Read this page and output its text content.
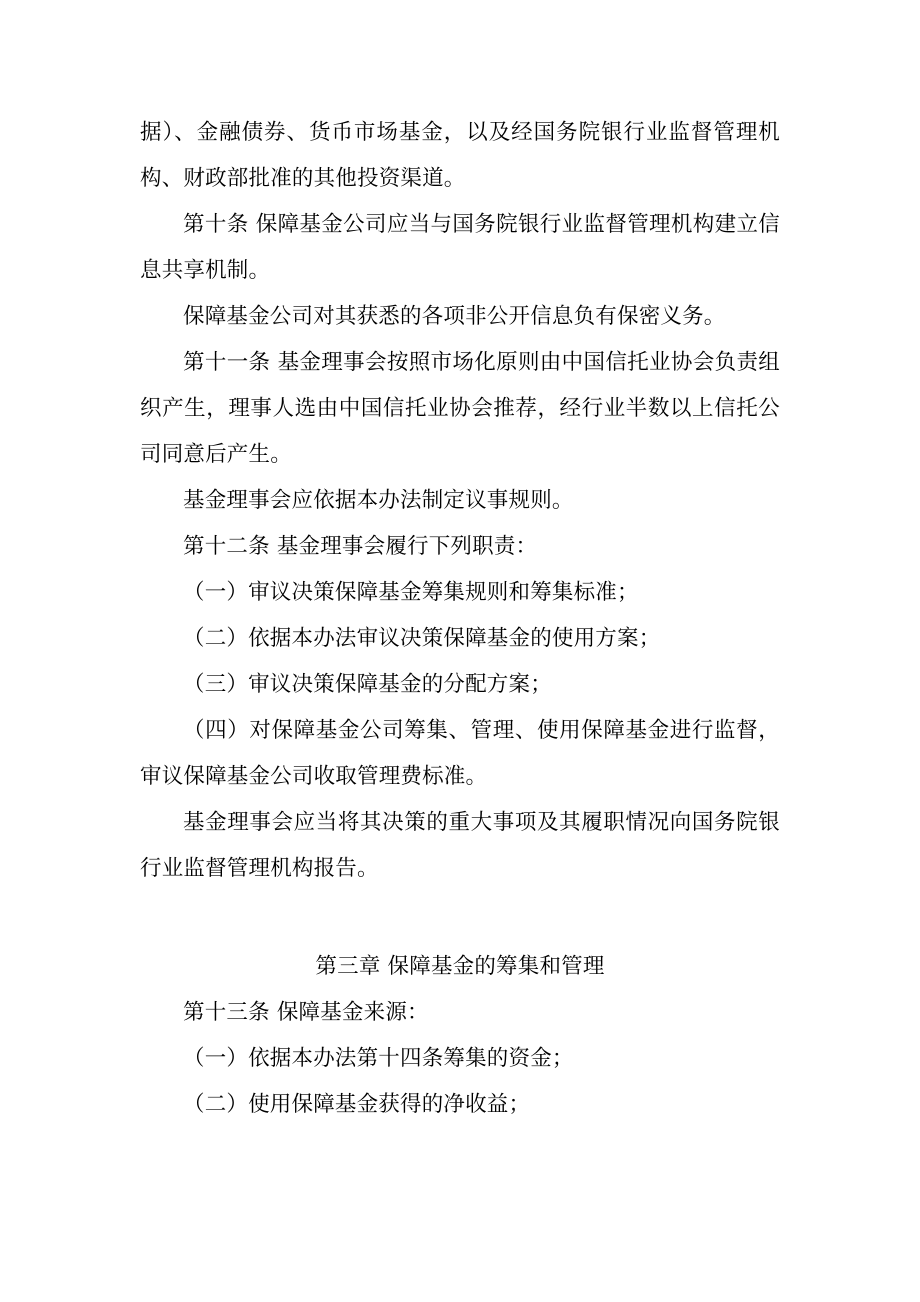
据）、金融债券、货币市场基金，以及经国务院银行业监督管理机构、财政部批准的其他投资渠道。

第十条 保障基金公司应当与国务院银行业监督管理机构建立信息共享机制。

保障基金公司对其获悉的各项非公开信息负有保密义务。

第十一条 基金理事会按照市场化原则由中国信托业协会负责组织产生，理事人选由中国信托业协会推荐，经行业半数以上信托公司同意后产生。

基金理事会应依据本办法制定议事规则。

第十二条 基金理事会履行下列职责：

（一）审议决策保障基金筹集规则和筹集标准；

（二）依据本办法审议决策保障基金的使用方案；

（三）审议决策保障基金的分配方案；

（四）对保障基金公司筹集、管理、使用保障基金进行监督，审议保障基金公司收取管理费标准。

基金理事会应当将其决策的重大事项及其履职情况向国务院银行业监督管理机构报告。

第三章 保障基金的筹集和管理

第十三条 保障基金来源：

（一）依据本办法第十四条筹集的资金；

（二）使用保障基金获得的净收益；
